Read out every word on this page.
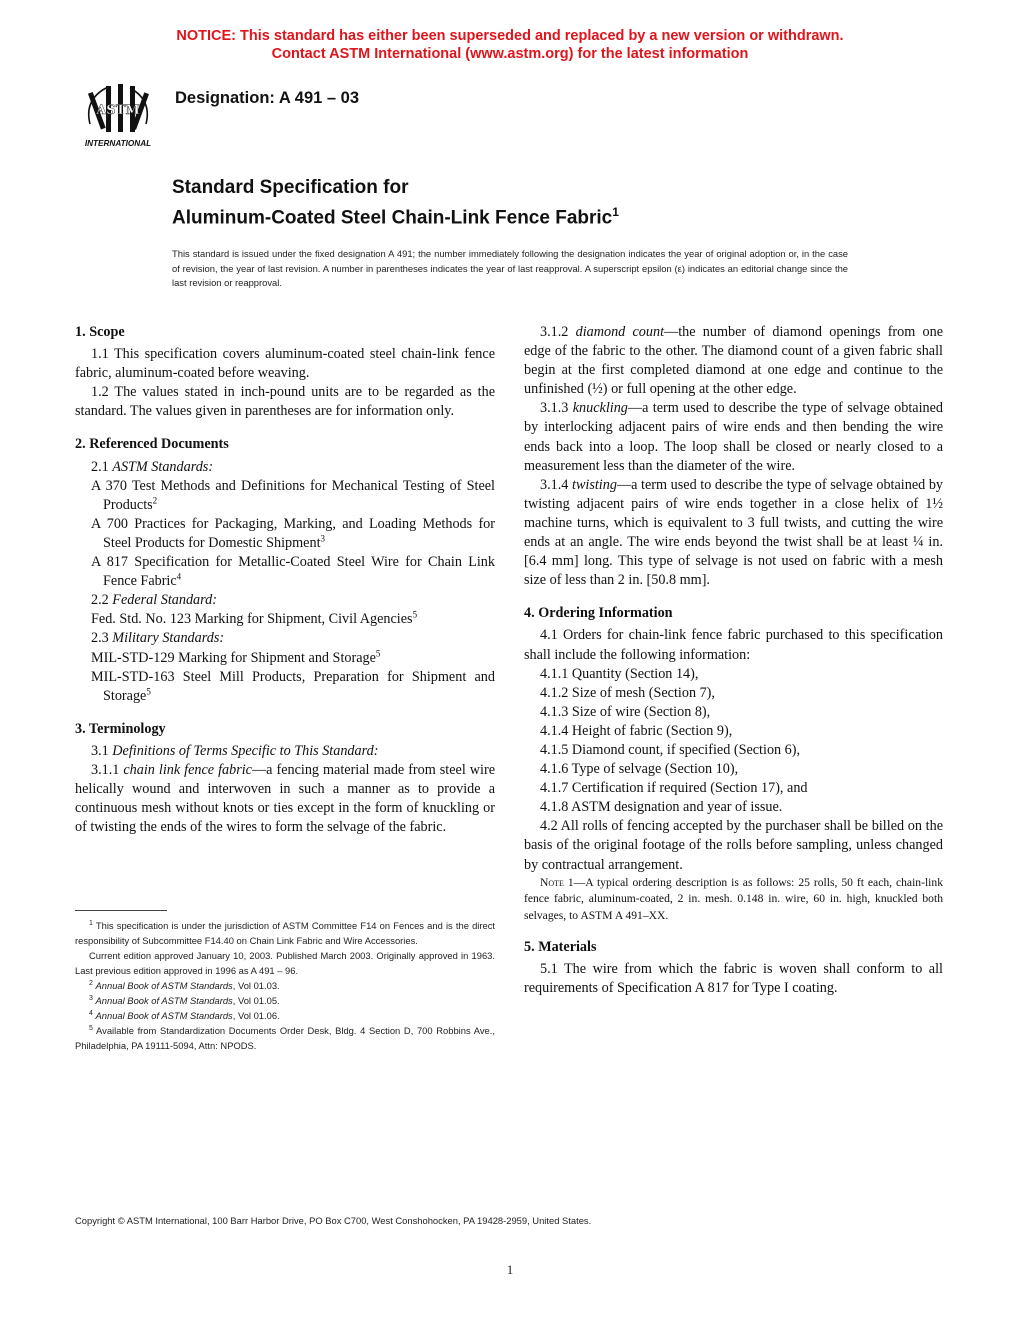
NOTICE: This standard has either been superseded and replaced by a new version or withdrawn.
Contact ASTM International (www.astm.org) for the latest information
ASTM
INTERNATIONAL
Designation: A 491 – 03
Standard Specification for
Aluminum-Coated Steel Chain-Link Fence Fabric$^1$
This standard is issued under the fixed designation A 491; the number immediately following the designation indicates the year of original adoption or, in the case of revision, the year of last revision. A number in parentheses indicates the year of last reapproval. A superscript epsilon (ε) indicates an editorial change since the last revision or reapproval.

1. Scope

1.1 This specification covers aluminum-coated steel chain-link fence fabric, aluminum-coated before weaving.

1.2 The values stated in inch-pound units are to be regarded as the standard. The values given in parentheses are for information only.

2. Referenced Documents

2.1 ASTM Standards:

A 370 Test Methods and Definitions for Mechanical Testing of Steel Products$^2$

A 700 Practices for Packaging, Marking, and Loading Methods for Steel Products for Domestic Shipment$^3$

A 817 Specification for Metallic-Coated Steel Wire for Chain Link Fence Fabric$^4$

2.2 Federal Standard:

Fed. Std. No. 123 Marking for Shipment, Civil Agencies$^5$

2.3 Military Standards:

MIL-STD-129 Marking for Shipment and Storage$^5$

MIL-STD-163 Steel Mill Products, Preparation for Shipment and Storage$^5$

3. Terminology

3.1 Definitions of Terms Specific to This Standard:

3.1.1 chain link fence fabric—a fencing material made from steel wire helically wound and interwoven in such a manner as to provide a continuous mesh without knots or ties except in the form of knuckling or of twisting the ends of the wires to form the selvage of the fabric.

$^1$ This specification is under the jurisdiction of ASTM Committee F14 on Fences and is the direct responsibility of Subcommittee F14.40 on Chain Link Fabric and Wire Accessories.

Current edition approved January 10, 2003. Published March 2003. Originally approved in 1963. Last previous edition approved in 1996 as A 491 – 96.

$^2$ Annual Book of ASTM Standards, Vol 01.03.

$^3$ Annual Book of ASTM Standards, Vol 01.05.

$^4$ Annual Book of ASTM Standards, Vol 01.06.

$^5$ Available from Standardization Documents Order Desk, Bldg. 4 Section D, 700 Robbins Ave., Philadelphia, PA 19111-5094, Attn: NPODS.

3.1.2 diamond count—the number of diamond openings from one edge of the fabric to the other. The diamond count of a given fabric shall begin at the first completed diamond at one edge and continue to the unfinished (½) or full opening at the other edge.

3.1.3 knuckling—a term used to describe the type of selvage obtained by interlocking adjacent pairs of wire ends and then bending the wire ends back into a loop. The loop shall be closed or nearly closed to a measurement less than the diameter of the wire.

3.1.4 twisting—a term used to describe the type of selvage obtained by twisting adjacent pairs of wire ends together in a close helix of 1½ machine turns, which is equivalent to 3 full twists, and cutting the wire ends at an angle. The wire ends beyond the twist shall be at least ¼ in. [6.4 mm] long. This type of selvage is not used on fabric with a mesh size of less than 2 in. [50.8 mm].

4. Ordering Information

4.1 Orders for chain-link fence fabric purchased to this specification shall include the following information:

4.1.1 Quantity (Section 14),

4.1.2 Size of mesh (Section 7),

4.1.3 Size of wire (Section 8),

4.1.4 Height of fabric (Section 9),

4.1.5 Diamond count, if specified (Section 6),

4.1.6 Type of selvage (Section 10),

4.1.7 Certification if required (Section 17), and

4.1.8 ASTM designation and year of issue.

4.2 All rolls of fencing accepted by the purchaser shall be billed on the basis of the original footage of the rolls before sampling, unless changed by contractual arrangement.

Note 1—A typical ordering description is as follows: 25 rolls, 50 ft each, chain-link fence fabric, aluminum-coated, 2 in. mesh. 0.148 in. wire, 60 in. high, knuckled both selvages, to ASTM A 491–XX.

5. Materials

5.1 The wire from which the fabric is woven shall conform to all requirements of Specification A 817 for Type I coating.

Copyright © ASTM International, 100 Barr Harbor Drive, PO Box C700, West Conshohocken, PA 19428-2959, United States.
1
